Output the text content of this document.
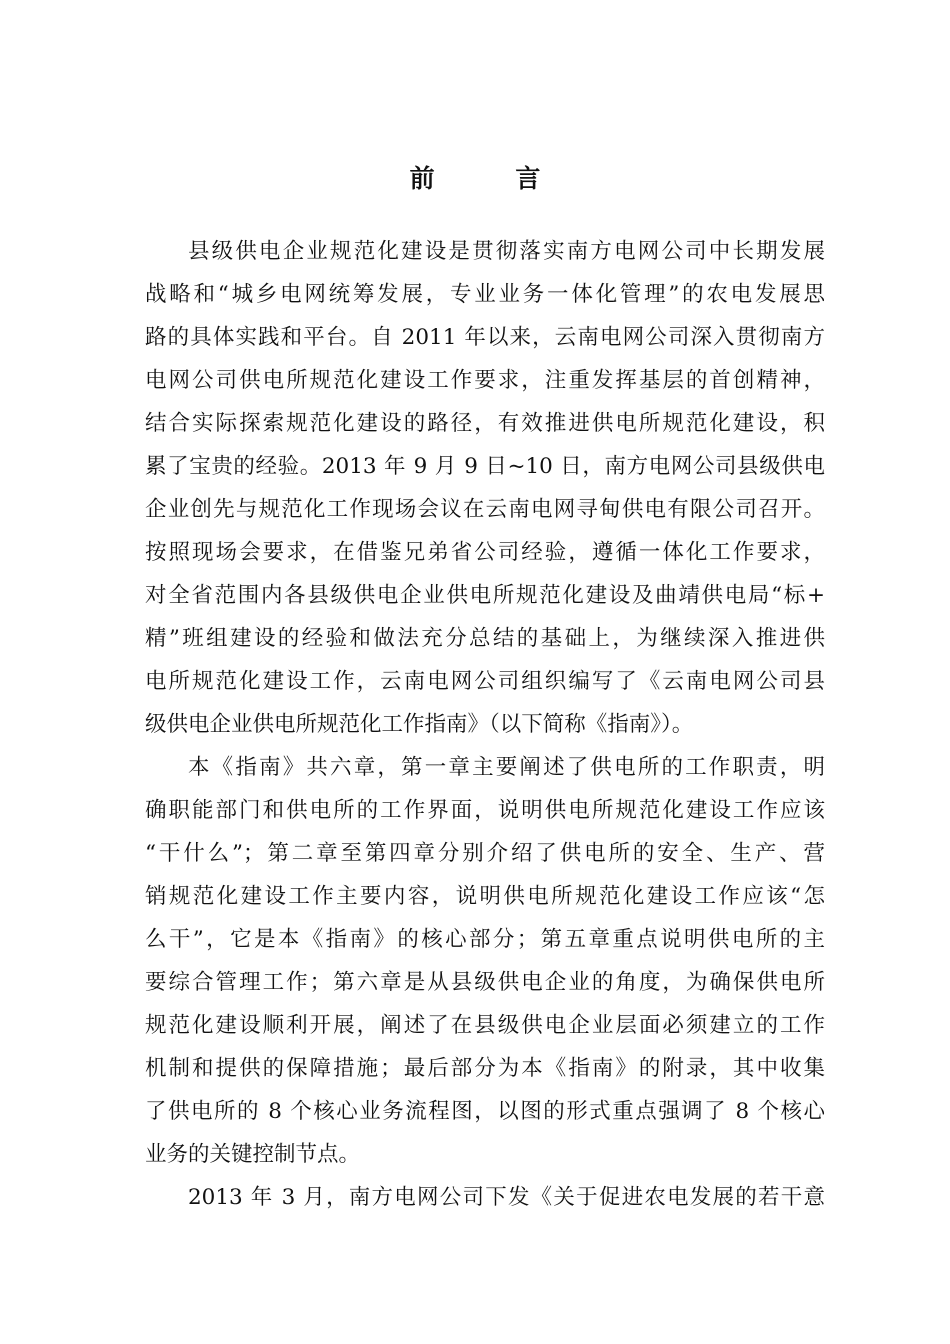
前 言
县级供电企业规范化建设是贯彻落实南方电网公司中长期发展
战略和“城乡电网统筹发展，专业业务一体化管理”的农电发展思
路的具体实践和平台。自 2011 年以来，云南电网公司深入贯彻南方
电网公司供电所规范化建设工作要求，注重发挥基层的首创精神，
结合实际探索规范化建设的路径，有效推进供电所规范化建设，积
累了宝贵的经验。2013 年 9 月 9 日~10 日，南方电网公司县级供电
企业创先与规范化工作现场会议在云南电网寻甸供电有限公司召开。
按照现场会要求，在借鉴兄弟省公司经验，遵循一体化工作要求，
对全省范围内各县级供电企业供电所规范化建设及曲靖供电局“标+
精”班组建设的经验和做法充分总结的基础上，为继续深入推进供
电所规范化建设工作，云南电网公司组织编写了《云南电网公司县
级供电企业供电所规范化工作指南》（以下简称《指南》）。
本《指南》共六章，第一章主要阐述了供电所的工作职责，明
确职能部门和供电所的工作界面，说明供电所规范化建设工作应该
“干什么”；第二章至第四章分别介绍了供电所的安全、生产、营
销规范化建设工作主要内容，说明供电所规范化建设工作应该“怎
么干”，它是本《指南》的核心部分；第五章重点说明供电所的主
要综合管理工作；第六章是从县级供电企业的角度，为确保供电所
规范化建设顺利开展，阐述了在县级供电企业层面必须建立的工作
机制和提供的保障措施；最后部分为本《指南》的附录，其中收集
了供电所的 8 个核心业务流程图，以图的形式重点强调了 8 个核心
业务的关键控制节点。
2013 年 3 月，南方电网公司下发《关于促进农电发展的若干意
